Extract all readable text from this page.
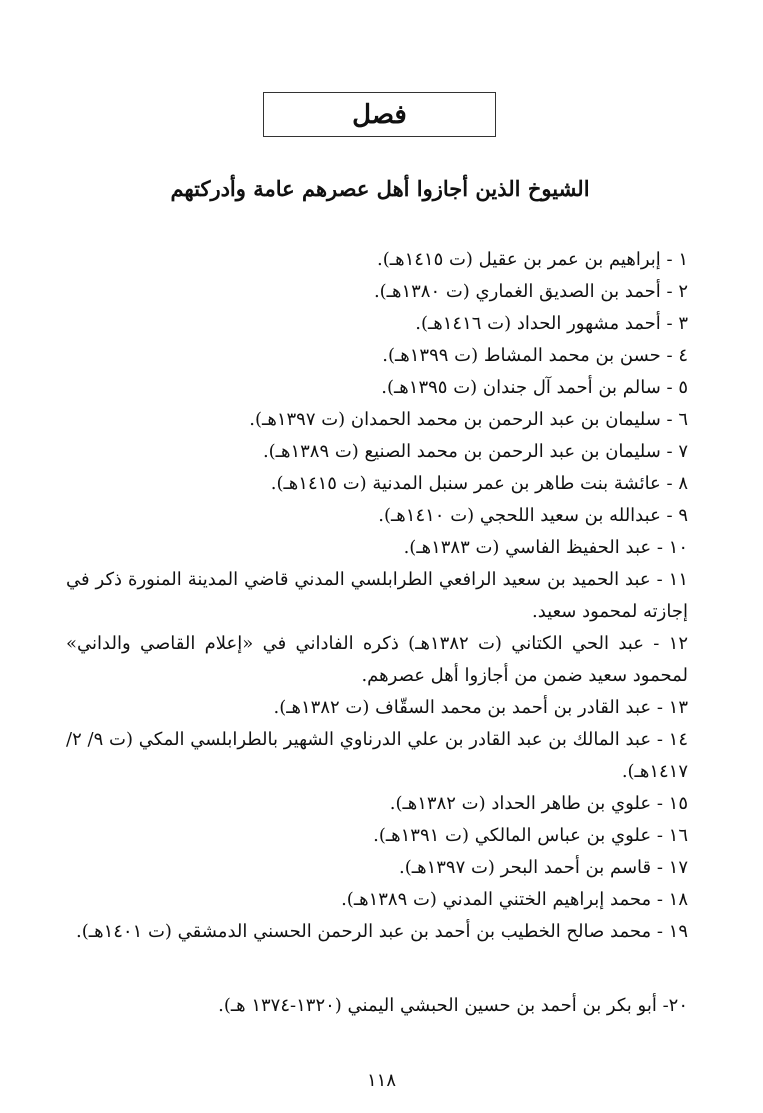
فصل
الشيوخ الذين أجازوا أهل عصرهم عامة وأدركتهم
١ - إبراهيم بن عمر بن عقيل (ت ١٤١٥هـ).
٢ - أحمد بن الصديق الغماري (ت ١٣٨٠هـ).
٣ - أحمد مشهور الحداد (ت ١٤١٦هـ).
٤ - حسن بن محمد المشاط (ت ١٣٩٩هـ).
٥ - سالم بن أحمد آل جندان (ت ١٣٩٥هـ).
٦ - سليمان بن عبد الرحمن بن محمد الحمدان (ت ١٣٩٧هـ).
٧ - سليمان بن عبد الرحمن بن محمد الصنيع (ت ١٣٨٩هـ).
٨ - عائشة بنت طاهر بن عمر سنبل المدنية (ت ١٤١٥هـ).
٩ - عبدالله بن سعيد اللحجي (ت ١٤١٠هـ).
١٠ - عبد الحفيظ الفاسي (ت ١٣٨٣هـ).
١١ - عبد الحميد بن سعيد الرافعي الطرابلسي المدني قاضي المدينة المنورة ذكر في إجازته لمحمود سعيد.
١٢ - عبد الحي الكتاني (ت ١٣٨٢هـ) ذكره الفاداني في «إعلام القاصي والداني» لمحمود سعيد ضمن من أجازوا أهل عصرهم.
١٣ - عبد القادر بن أحمد بن محمد السقّاف (ت ١٣٨٢هـ).
١٤ - عبد المالك بن عبد القادر بن علي الدرناوي الشهير بالطرابلسي المكي (ت ٩/ ٢/ ١٤١٧هـ).
١٥ - علوي بن طاهر الحداد (ت ١٣٨٢هـ).
١٦ - علوي بن عباس المالكي (ت ١٣٩١هـ).
١٧ - قاسم بن أحمد البحر (ت ١٣٩٧هـ).
١٨ - محمد إبراهيم الختني المدني (ت ١٣٨٩هـ).
١٩ - محمد صالح الخطيب بن أحمد بن عبد الرحمن الحسني الدمشقي (ت ١٤٠١هـ).
٢٠- أبو بكر بن أحمد بن حسين الحبشي اليمني (١٣٢٠-١٣٧٤ هـ).
١١٨
